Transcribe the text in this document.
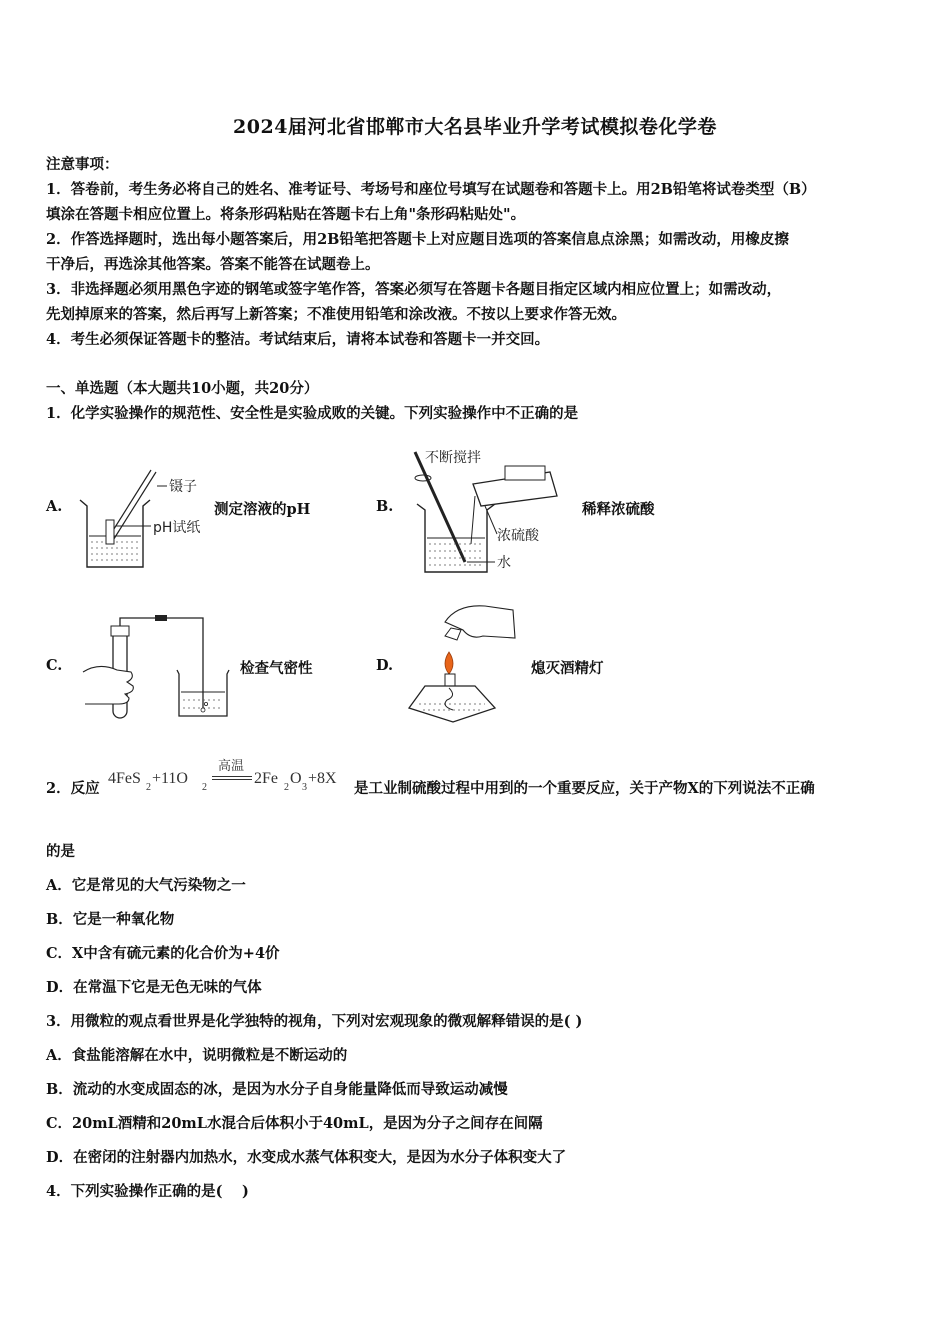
2024届河北省邯郸市大名县毕业升学考试模拟卷化学卷
注意事项：
1．答卷前，考生务必将自己的姓名、准考证号、考场号和座位号填写在试题卷和答题卡上。用2B铅笔将试卷类型（B）
填涂在答题卡相应位置上。将条形码粘贴在答题卡右上角"条形码粘贴处"。
2．作答选择题时，选出每小题答案后，用2B铅笔把答题卡上对应题目选项的答案信息点涂黑；如需改动，用橡皮擦
干净后，再选涂其他答案。答案不能答在试题卷上。
3．非选择题必须用黑色字迹的钢笔或签字笔作答，答案必须写在答题卡各题目指定区域内相应位置上；如需改动，
先划掉原来的答案，然后再写上新答案；不准使用铅笔和涂改液。不按以上要求作答无效。
4．考生必须保证答题卡的整洁。考试结束后，请将本试卷和答题卡一并交回。
一、单选题（本大题共10小题，共20分）
1．化学实验操作的规范性、安全性是实验成败的关键。下列实验操作中不正确的是
A.
镊子
pH试纸
测定溶液的pH	B.
不断搅拌
浓硫酸
水
稀释浓硫酸
C.	检查气密性	D.	熄灭酒精灯
2．反应
4FeS
2
+11O
2
高温
2Fe
2
O
3
+8X
是工业制硫酸过程中用到的一个重要反应，关于产物X的下列说法不正确
的是
A．它是常见的大气污染物之一
B．它是一种氧化物
C．X中含有硫元素的化合价为+4价
D．在常温下它是无色无味的气体
3．用微粒的观点看世界是化学独特的视角，下列对宏观现象的微观解释错误的是( )
A．食盐能溶解在水中，说明微粒是不断运动的
B．流动的水变成固态的冰，是因为水分子自身能量降低而导致运动减慢
C．20mL酒精和20mL水混合后体积小于40mL，是因为分子之间存在间隔
D．在密闭的注射器内加热水，水变成水蒸气体积变大，是因为水分子体积变大了
4．下列实验操作正确的是(　 )
